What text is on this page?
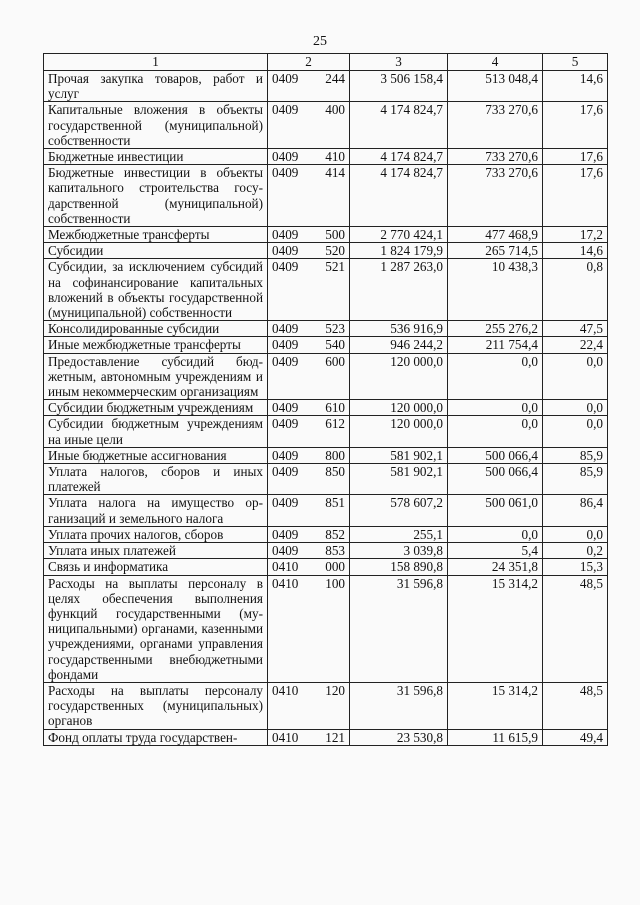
25
1	2		3	4	5
Прочая закупка товаров, работ и услуг	0409	244	3 506 158,4	513 048,4	14,6
Капитальные вложения в объекты государственной (муниципальной) собственности	0409	400	4 174 824,7	733 270,6	17,6
Бюджетные инвестиции	0409	410	4 174 824,7	733 270,6	17,6
Бюджетные инвестиции в объекты капитального строительства государственной (муниципальной) собственности	0409	414	4 174 824,7	733 270,6	17,6
Межбюджетные трансферты	0409	500	2 770 424,1	477 468,9	17,2
Субсидии	0409	520	1 824 179,9	265 714,5	14,6
Субсидии, за исключением субсидий на софинансирование капитальных вложений в объекты государственной (муниципальной) собственности	0409	521	1 287 263,0	10 438,3	0,8
Консолидированные субсидии	0409	523	536 916,9	255 276,2	47,5
Иные межбюджетные трансферты	0409	540	946 244,2	211 754,4	22,4
Предоставление субсидий бюджетным, автономным учреждениям и иным некоммерческим организациям	0409	600	120 000,0	0,0	0,0
Субсидии бюджетным учреждениям	0409	610	120 000,0	0,0	0,0
Субсидии бюджетным учреждениям на иные цели	0409	612	120 000,0	0,0	0,0
Иные бюджетные ассигнования	0409	800	581 902,1	500 066,4	85,9
Уплата налогов, сборов и иных платежей	0409	850	581 902,1	500 066,4	85,9
Уплата налога на имущество организаций и земельного налога	0409	851	578 607,2	500 061,0	86,4
Уплата прочих налогов, сборов	0409	852	255,1	0,0	0,0
Уплата иных платежей	0409	853	3 039,8	5,4	0,2
Связь и информатика	0410	000	158 890,8	24 351,8	15,3
Расходы на выплаты персоналу в целях обеспечения выполнения функций государственными (муниципальными) органами, казенными учреждениями, органами управления государственными внебюджетными фондами	0410	100	31 596,8	15 314,2	48,5
Расходы на выплаты персоналу государственных (муниципальных) органов	0410	120	31 596,8	15 314,2	48,5
Фонд оплаты труда государствен-	0410	121	23 530,8	11 615,9	49,4
